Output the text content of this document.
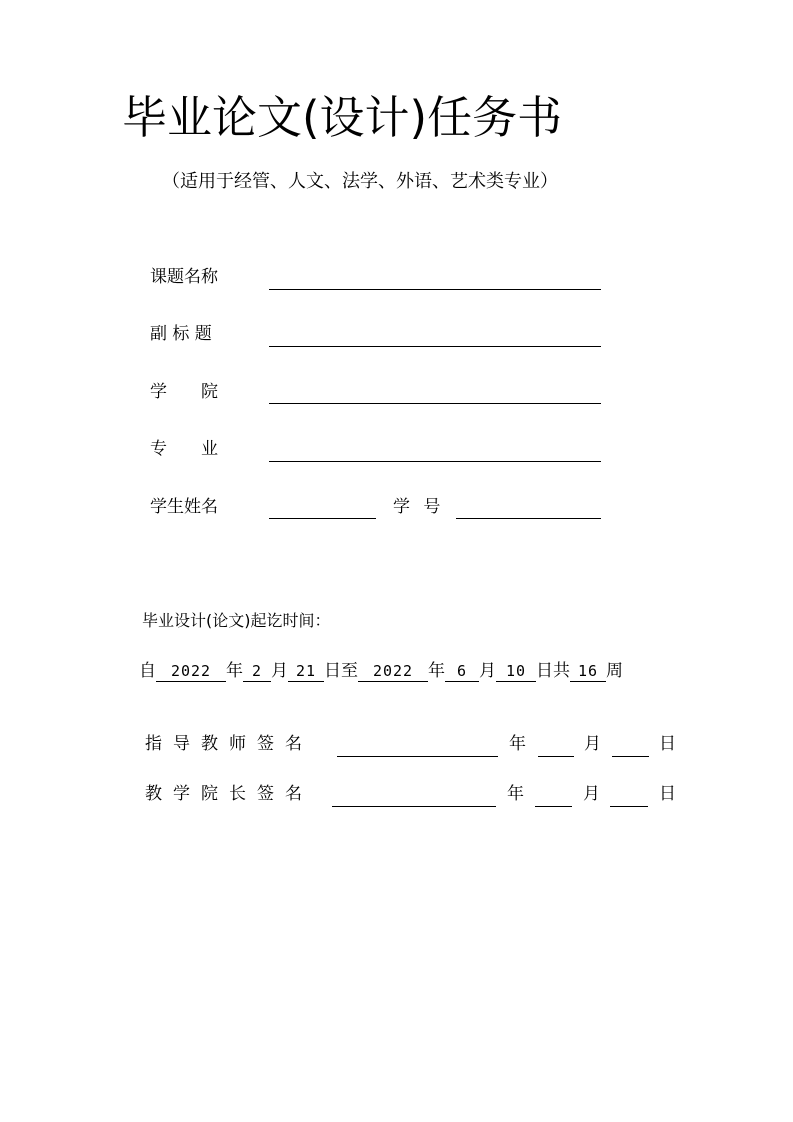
毕业论文(设计)任务书
（适用于经管、人文、法学、外语、艺术类专业）
课题名称
副 标 题
学　　院
专　　业
学生姓名	学 号
毕业设计(论文)起讫时间：
自 2022 年 2 月 21 日至 2022 年 6 月 10 日共 16 周
指导教师签名	年	月	日
教学院长签名	年	月	日
